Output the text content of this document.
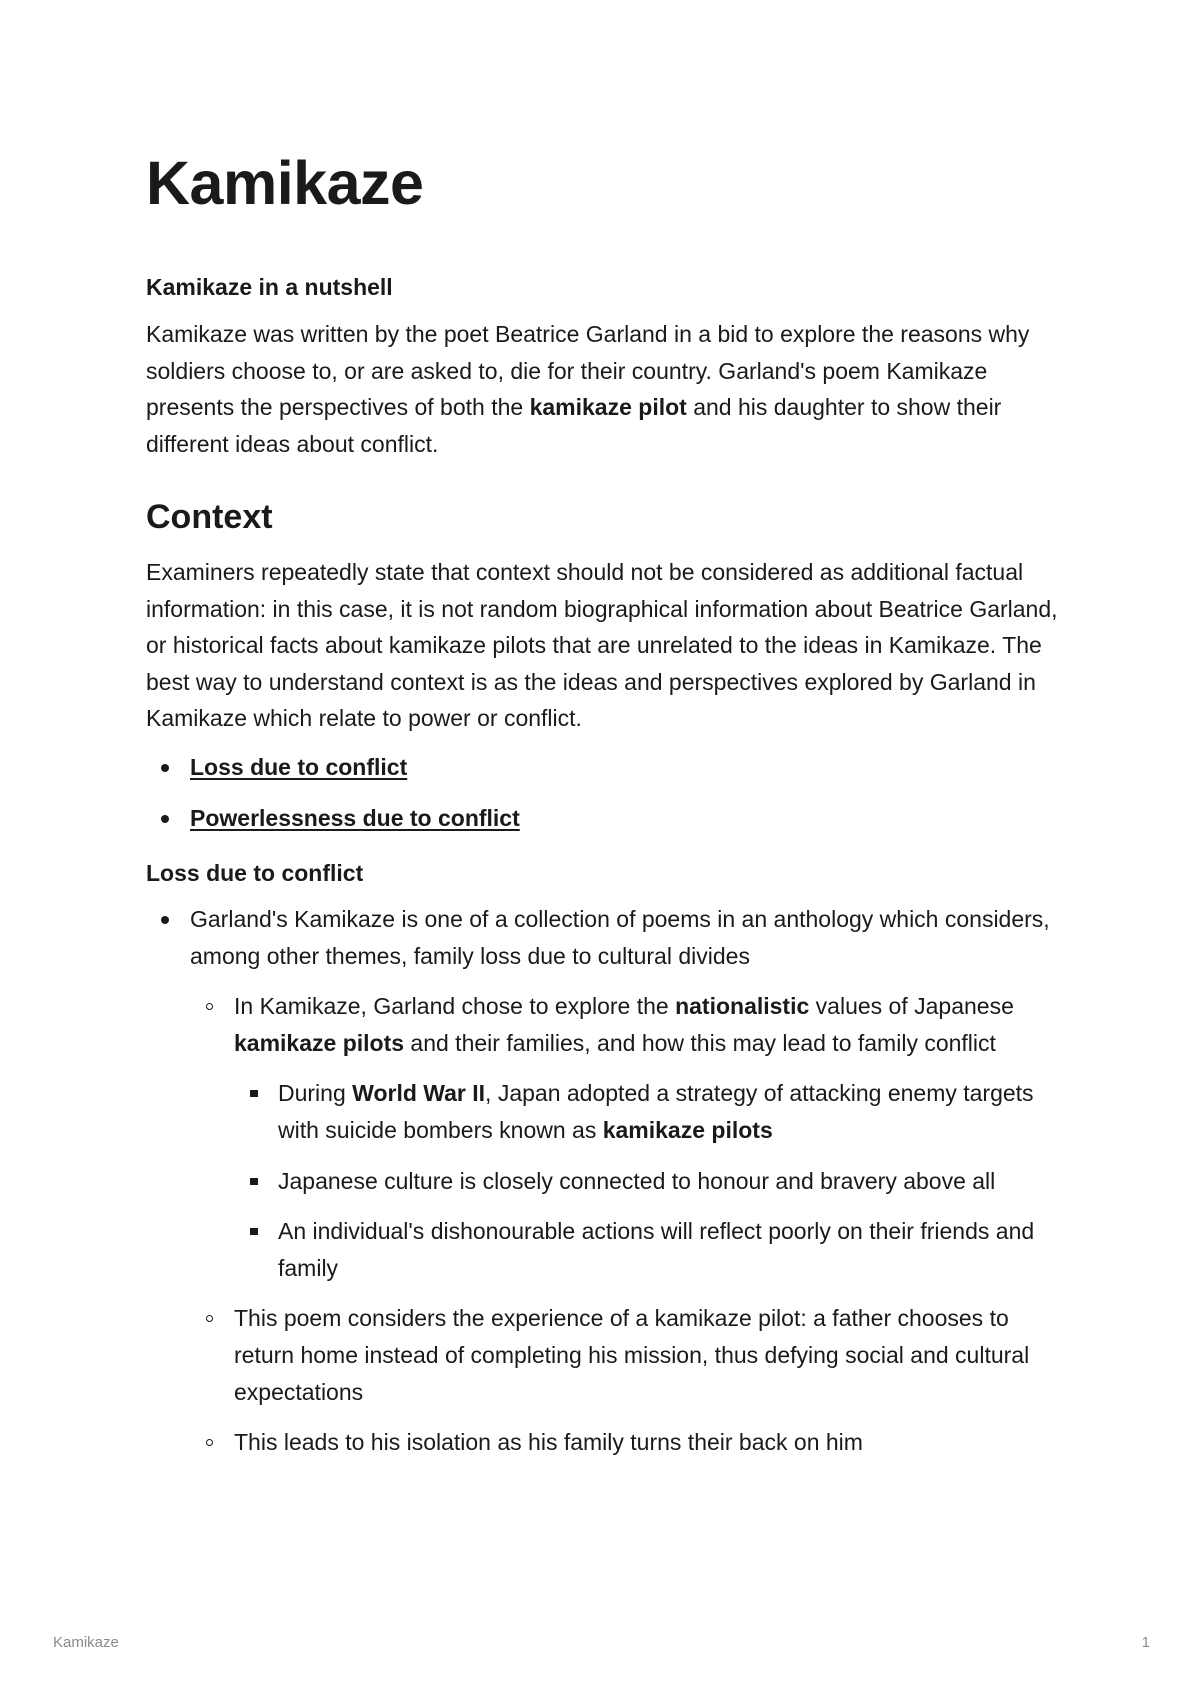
Kamikaze

Kamikaze in a nutshell

Kamikaze was written by the poet Beatrice Garland in a bid to explore the reasons why soldiers choose to, or are asked to, die for their country. Garland's poem Kamikaze presents the perspectives of both the kamikaze pilot and his daughter to show their different ideas about conflict.

Context

Examiners repeatedly state that context should not be considered as additional factual information: in this case, it is not random biographical information about Beatrice Garland, or historical facts about kamikaze pilots that are unrelated to the ideas in Kamikaze. The best way to understand context is as the ideas and perspectives explored by Garland in Kamikaze which relate to power or conflict.

Loss due to conflict
Powerlessness due to conflict

Loss due to conflict

Garland's Kamikaze is one of a collection of poems in an anthology which considers, among other themes, family loss due to cultural divides
In Kamikaze, Garland chose to explore the nationalistic values of Japanese kamikaze pilots and their families, and how this may lead to family conflict
During World War II, Japan adopted a strategy of attacking enemy targets with suicide bombers known as kamikaze pilots
Japanese culture is closely connected to honour and bravery above all
An individual's dishonourable actions will reflect poorly on their friends and family
This poem considers the experience of a kamikaze pilot: a father chooses to return home instead of completing his mission, thus defying social and cultural expectations
This leads to his isolation as his family turns their back on him
Kamikaze	1
